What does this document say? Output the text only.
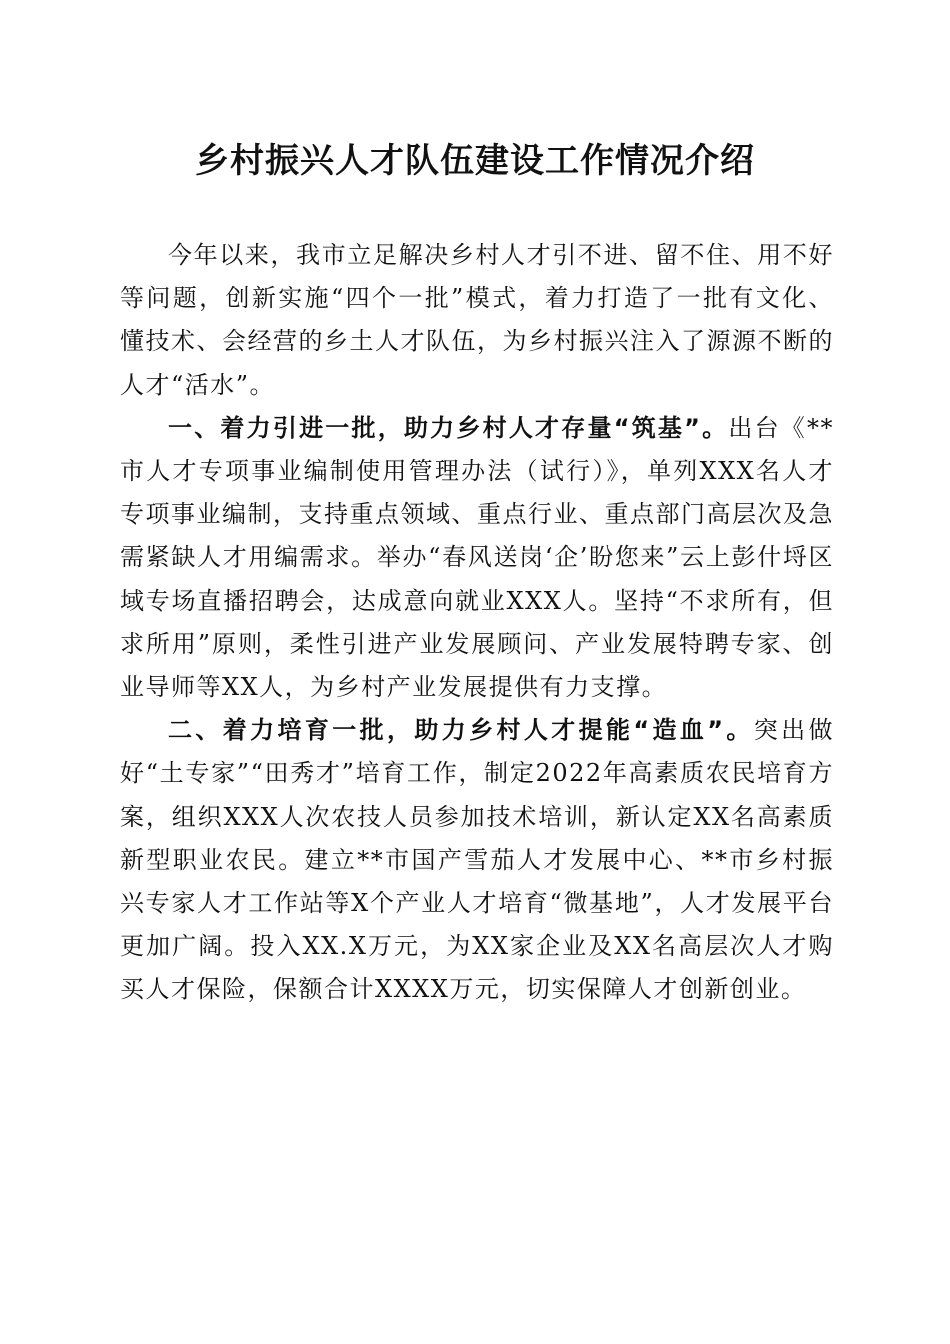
乡村振兴人才队伍建设工作情况介绍

今年以来，我市立足解决乡村人才引不进、留不住、用不好等问题，创新实施“四个一批”模式，着力打造了一批有文化、懂技术、会经营的乡土人才队伍，为乡村振兴注入了源源不断的人才“活水”。

一、着力引进一批，助力乡村人才存量“筑基”。出台《**市人才专项事业编制使用管理办法（试行）》，单列XXX名人才专项事业编制，支持重点领域、重点行业、重点部门高层次及急需紧缺人才用编需求。举办“春风送岗‘企’盼您来”云上彭什埒区域专场直播招聘会，达成意向就业XXX人。坚持“不求所有，但求所用”原则，柔性引进产业发展顾问、产业发展特聘专家、创业导师等XX人，为乡村产业发展提供有力支撑。

二、着力培育一批，助力乡村人才提能“造血”。突出做好“土专家”“田秀才”培育工作，制定2022年高素质农民培育方案，组织XXX人次农技人员参加技术培训，新认定XX名高素质新型职业农民。建立**市国产雪茄人才发展中心、**市乡村振兴专家人才工作站等X个产业人才培育“微基地”，人才发展平台更加广阔。投入XX.X万元，为XX家企业及XX名高层次人才购买人才保险，保额合计XXXX万元，切实保障人才创新创业。
